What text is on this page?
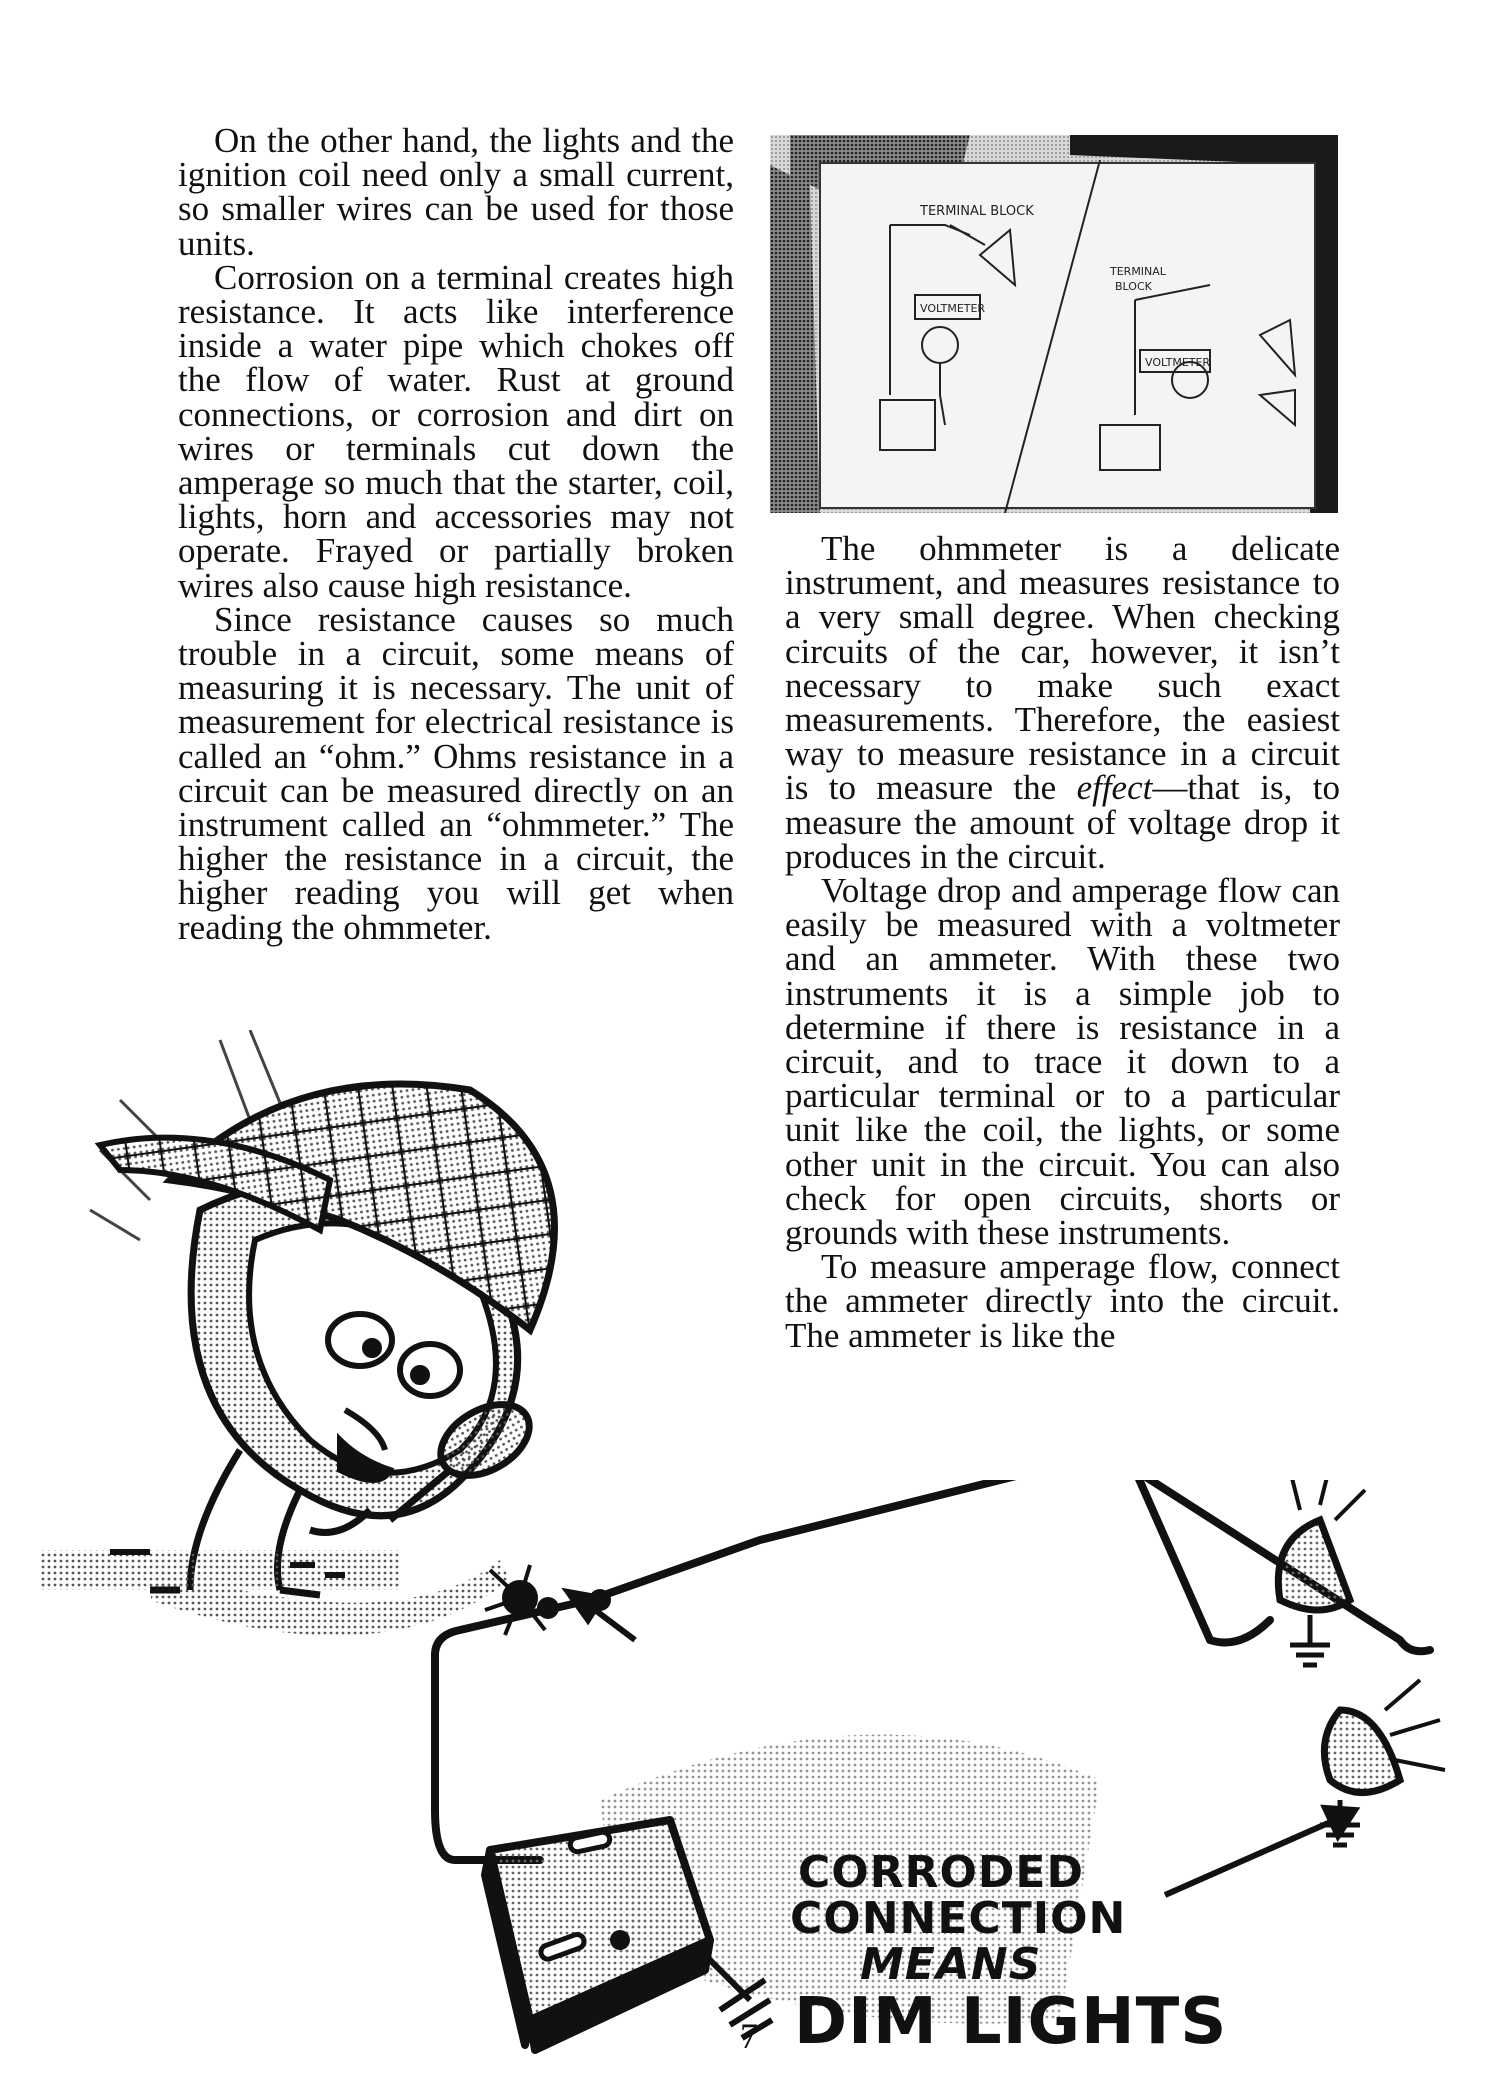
On the other hand, the lights and the ignition coil need only a small current, so smaller wires can be used for those units.

Corrosion on a terminal creates high resistance. It acts like interference inside a water pipe which chokes off the flow of water. Rust at ground connections, or corrosion and dirt on wires or terminals cut down the amperage so much that the starter, coil, lights, horn and accessories may not operate. Frayed or partially broken wires also cause high resistance.

Since resistance causes so much trouble in a circuit, some means of measuring it is necessary. The unit of measurement for electrical resistance is called an “ohm.” Ohms resistance in a circuit can be measured directly on an instrument called an “ohmmeter.” The higher the resistance in a circuit, the higher reading you will get when reading the ohmmeter.

TERMINAL BLOCK
VOLTMETER
TERMINAL
BLOCK
VOLTMETER

The ohmmeter is a delicate instrument, and measures resistance to a very small degree. When checking circuits of the car, however, it isn’t necessary to make such exact measurements. Therefore, the easiest way to measure resistance in a circuit is to measure the effect—that is, to measure the amount of voltage drop it produces in the circuit.

Voltage drop and amperage flow can easily be measured with a voltmeter and an ammeter. With these two instruments it is a simple job to determine if there is resistance in a circuit, and to trace it down to a particular terminal or to a particular unit like the coil, the lights, or some other unit in the circuit. You can also check for open circuits, shorts or grounds with these instruments.

To measure amperage flow, connect the ammeter directly into the circuit. The ammeter is like the

CORRODED
CONNECTION
MEANS
DIM LIGHTS
7
